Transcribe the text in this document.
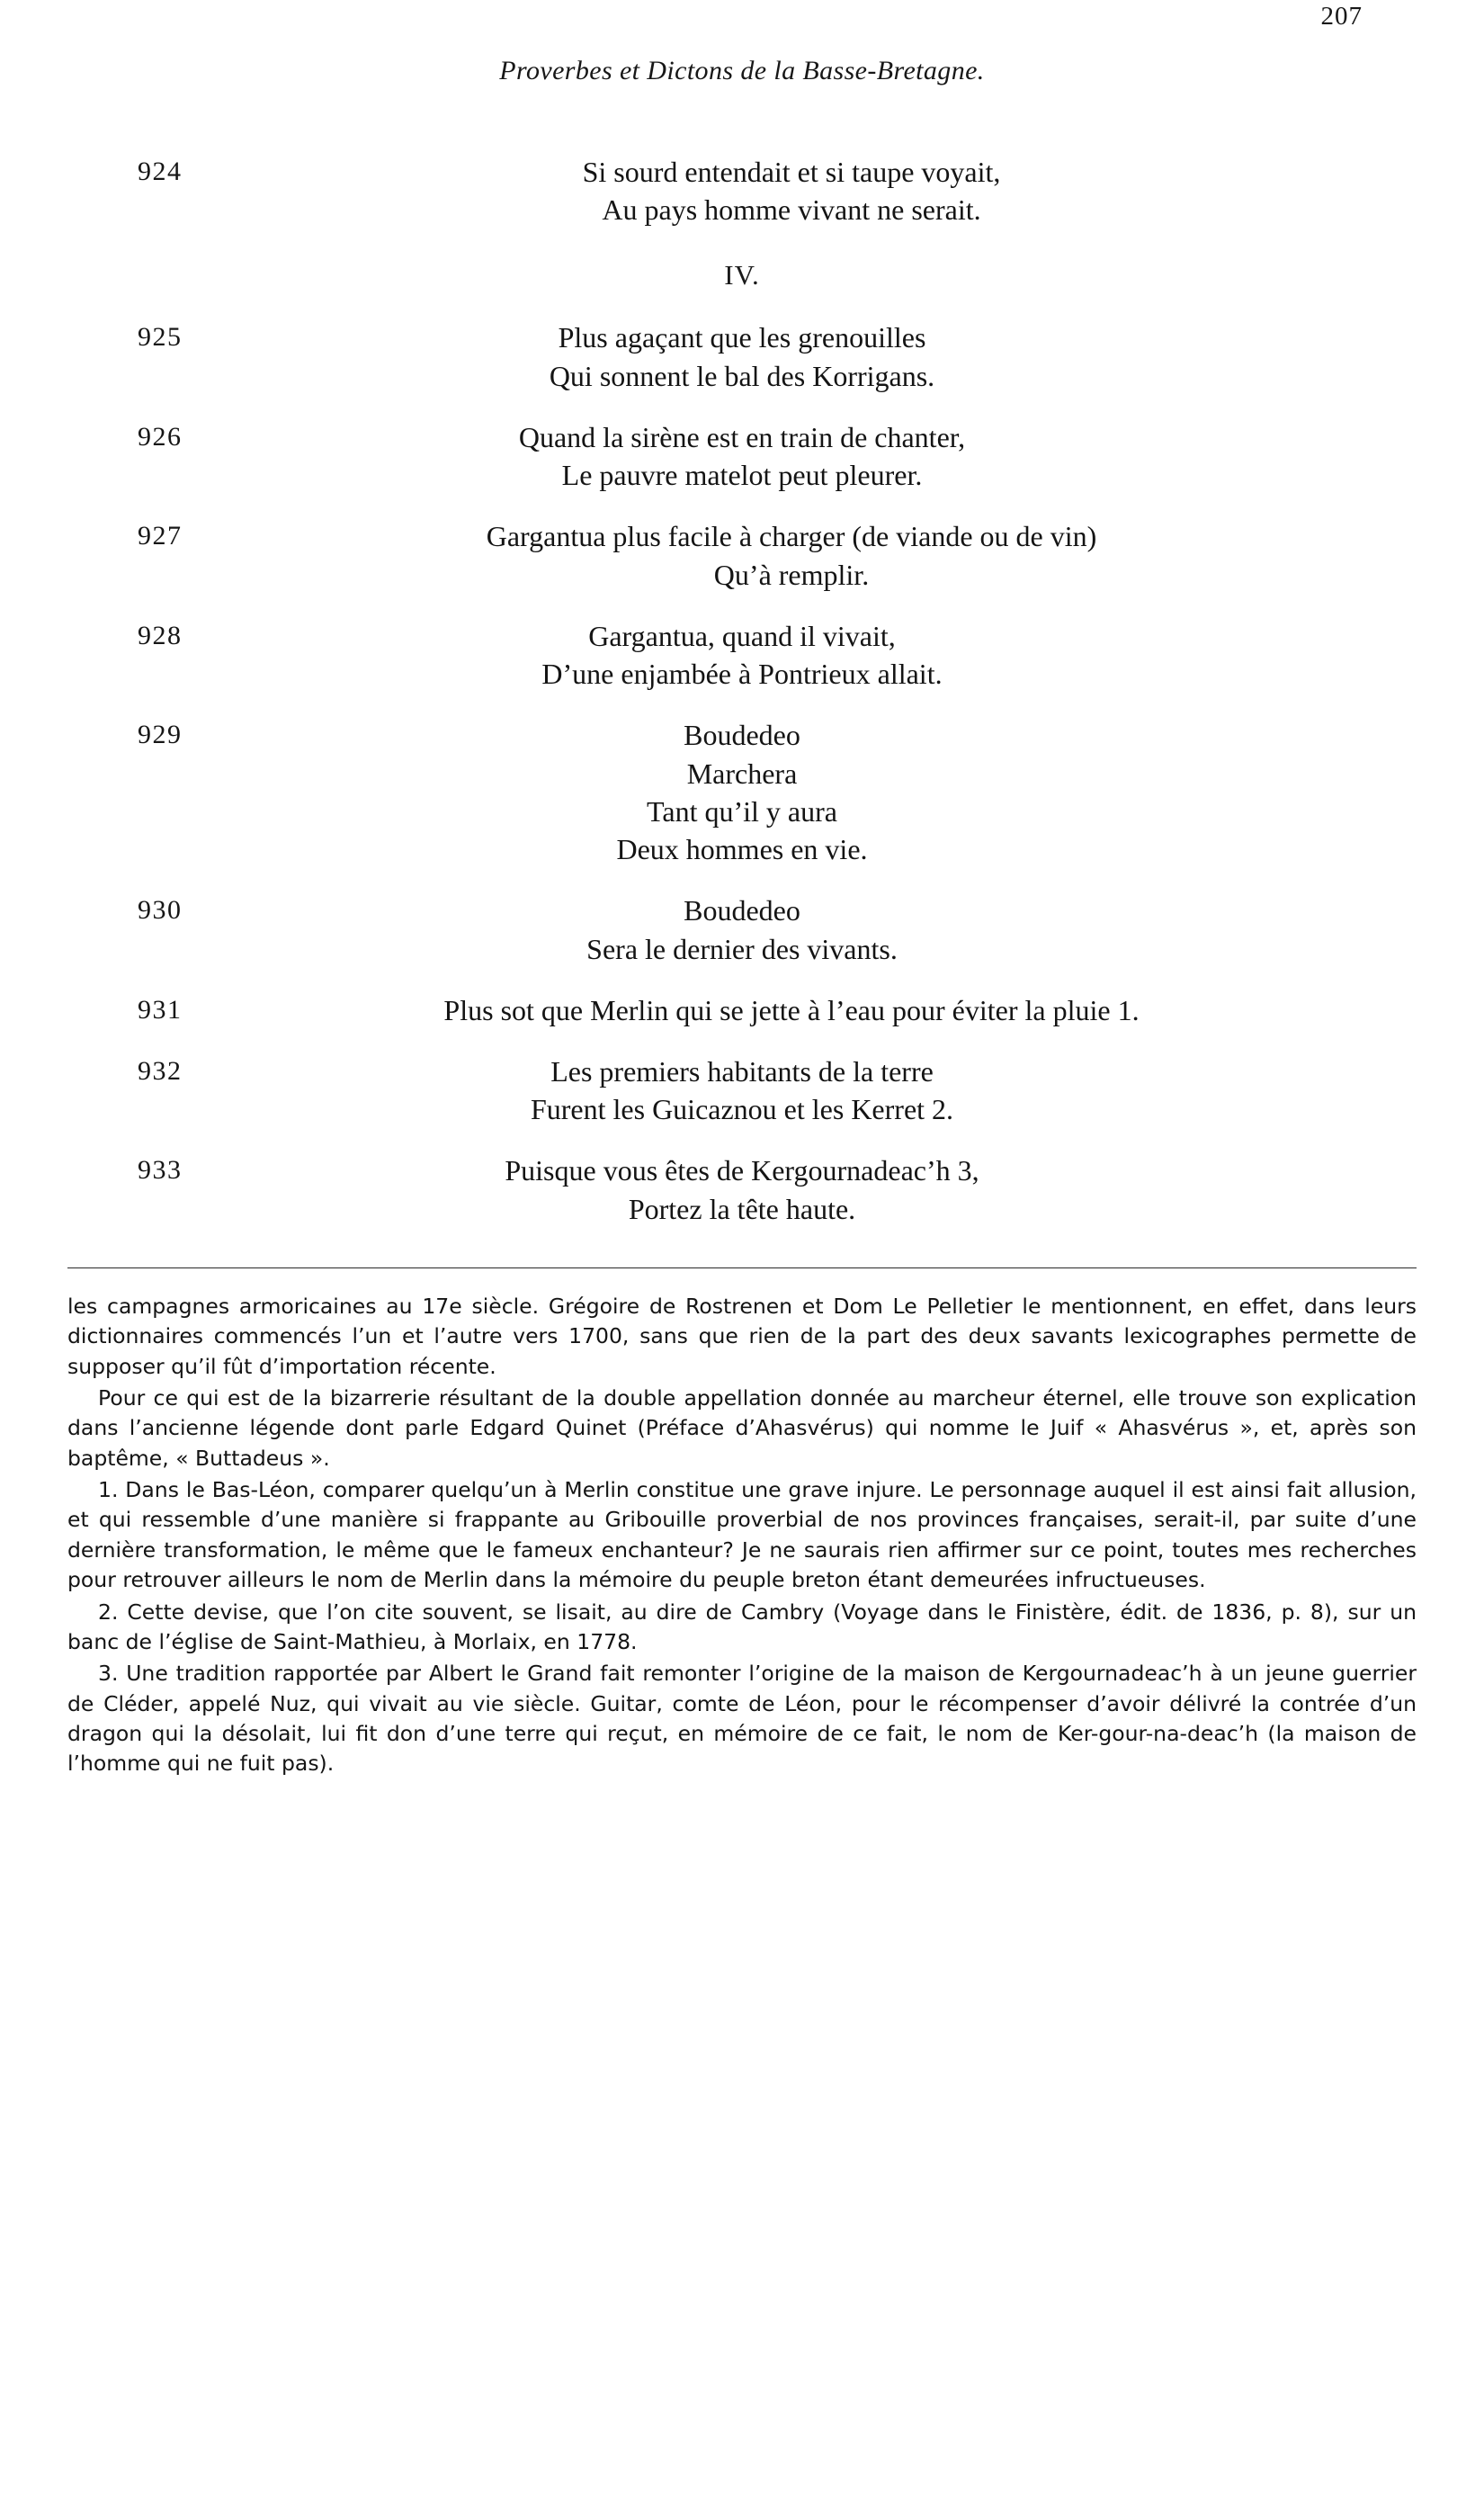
Proverbes et Dictons de la Basse-Bretagne.
207
924	Si sourd entendait et si taupe voyait,
Au pays homme vivant ne serait.
IV.
925	Plus agaçant que les grenouilles
Qui sonnent le bal des Korrigans.
926	Quand la sirène est en train de chanter,
Le pauvre matelot peut pleurer.
927	Gargantua plus facile à charger (de viande ou de vin)
Qu’à remplir.
928	Gargantua, quand il vivait,
D’une enjambée à Pontrieux allait.
929	Boudedeo
Marchera
Tant qu’il y aura
Deux hommes en vie.
930	Boudedeo
Sera le dernier des vivants.
931	Plus sot que Merlin qui se jette à l’eau pour éviter la pluie 1.
932	Les premiers habitants de la terre
Furent les Guicaznou et les Kerret 2.
933	Puisque vous êtes de Kergournadeac’h 3,
Portez la tête haute.

les campagnes armoricaines au 17e siècle. Grégoire de Rostrenen et Dom Le Pelletier le mentionnent, en effet, dans leurs dictionnaires commencés l’un et l’autre vers 1700, sans que rien de la part des deux savants lexicographes permette de supposer qu’il fût d’importation récente.

Pour ce qui est de la bizarrerie résultant de la double appellation donnée au marcheur éternel, elle trouve son explication dans l’ancienne légende dont parle Edgard Quinet (Préface d’Ahasvérus) qui nomme le Juif « Ahasvérus », et, après son baptême, « Buttadeus ».

1. Dans le Bas-Léon, comparer quelqu’un à Merlin constitue une grave injure. Le personnage auquel il est ainsi fait allusion, et qui ressemble d’une manière si frappante au Gribouille proverbial de nos provinces françaises, serait-il, par suite d’une dernière transformation, le même que le fameux enchanteur? Je ne saurais rien affirmer sur ce point, toutes mes recherches pour retrouver ailleurs le nom de Merlin dans la mémoire du peuple breton étant demeurées infructueuses.

2. Cette devise, que l’on cite souvent, se lisait, au dire de Cambry (Voyage dans le Finistère, édit. de 1836, p. 8), sur un banc de l’église de Saint-Mathieu, à Morlaix, en 1778.

3. Une tradition rapportée par Albert le Grand fait remonter l’origine de la maison de Kergournadeac’h à un jeune guerrier de Cléder, appelé Nuz, qui vivait au vie siècle. Guitar, comte de Léon, pour le récompenser d’avoir délivré la contrée d’un dragon qui la désolait, lui fit don d’une terre qui reçut, en mémoire de ce fait, le nom de Ker-gour-na-deac’h (la maison de l’homme qui ne fuit pas).
